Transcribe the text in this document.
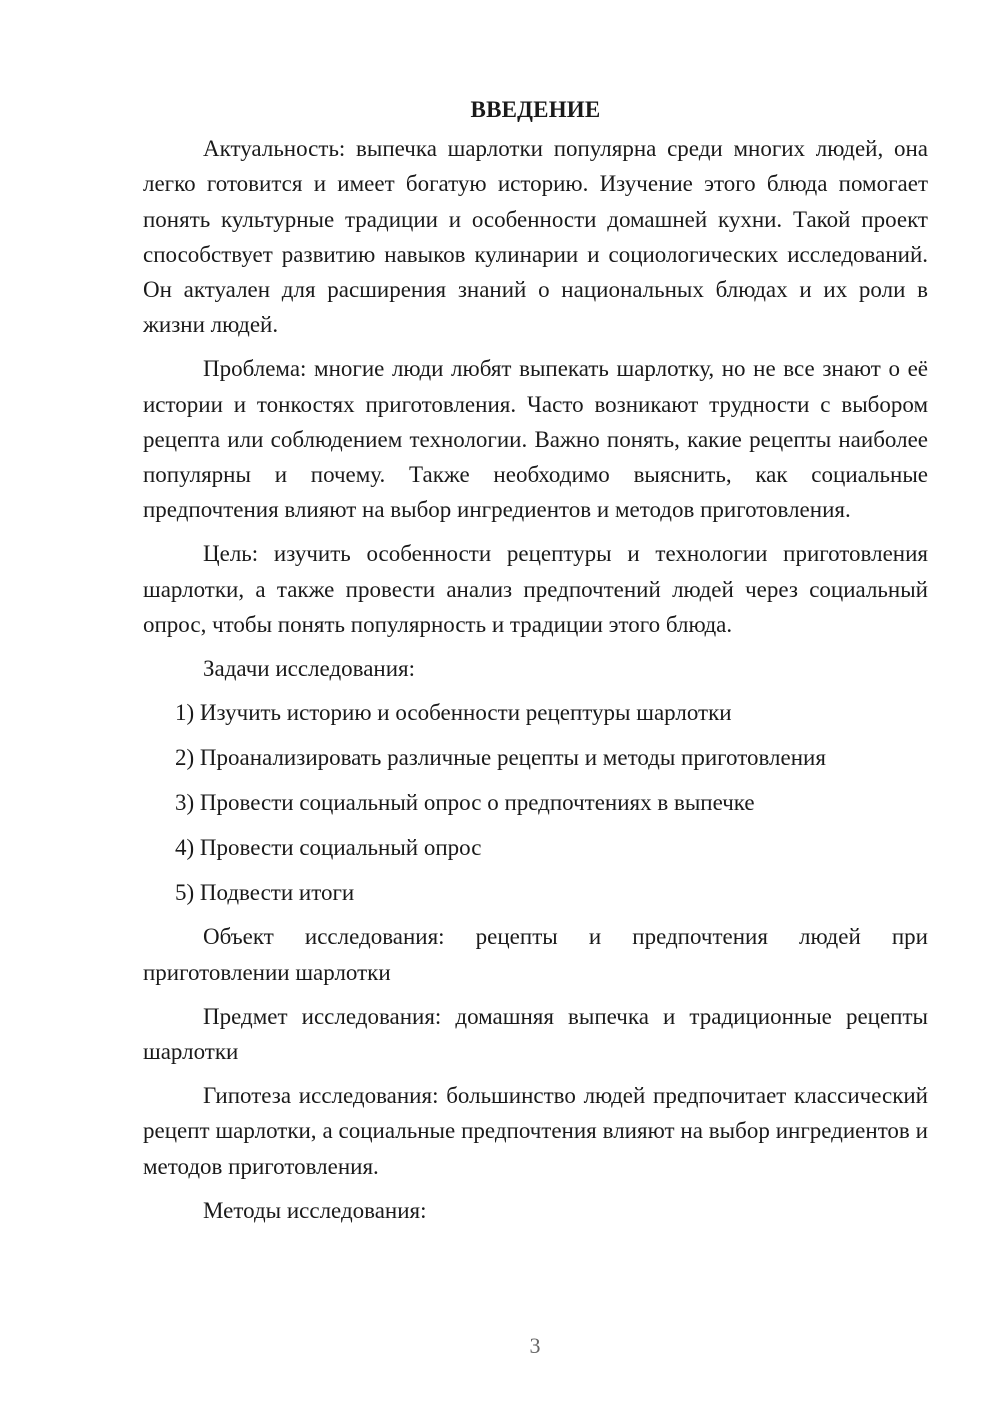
ВВЕДЕНИЕ

Актуальность: выпечка шарлотки популярна среди многих людей, она легко готовится и имеет богатую историю. Изучение этого блюда помогает понять культурные традиции и особенности домашней кухни. Такой проект способствует развитию навыков кулинарии и социологических исследований. Он актуален для расширения знаний о национальных блюдах и их роли в жизни людей.

Проблема: многие люди любят выпекать шарлотку, но не все знают о её истории и тонкостях приготовления. Часто возникают трудности с выбором рецепта или соблюдением технологии. Важно понять, какие рецепты наиболее популярны и почему. Также необходимо выяснить, как социальные предпочтения влияют на выбор ингредиентов и методов приготовления.

Цель: изучить особенности рецептуры и технологии приготовления шарлотки, а также провести анализ предпочтений людей через социальный опрос, чтобы понять популярность и традиции этого блюда.

Задачи исследования:

1) Изучить историю и особенности рецептуры шарлотки
2) Проанализировать различные рецепты и методы приготовления
3) Провести социальный опрос о предпочтениях в выпечке
4) Провести социальный опрос
5) Подвести итоги

Объект исследования: рецепты и предпочтения людей при приготовлении шарлотки

Предмет исследования: домашняя выпечка и традиционные рецепты шарлотки

Гипотеза исследования: большинство людей предпочитает классический рецепт шарлотки, а социальные предпочтения влияют на выбор ингредиентов и методов приготовления.

Методы исследования:

3
